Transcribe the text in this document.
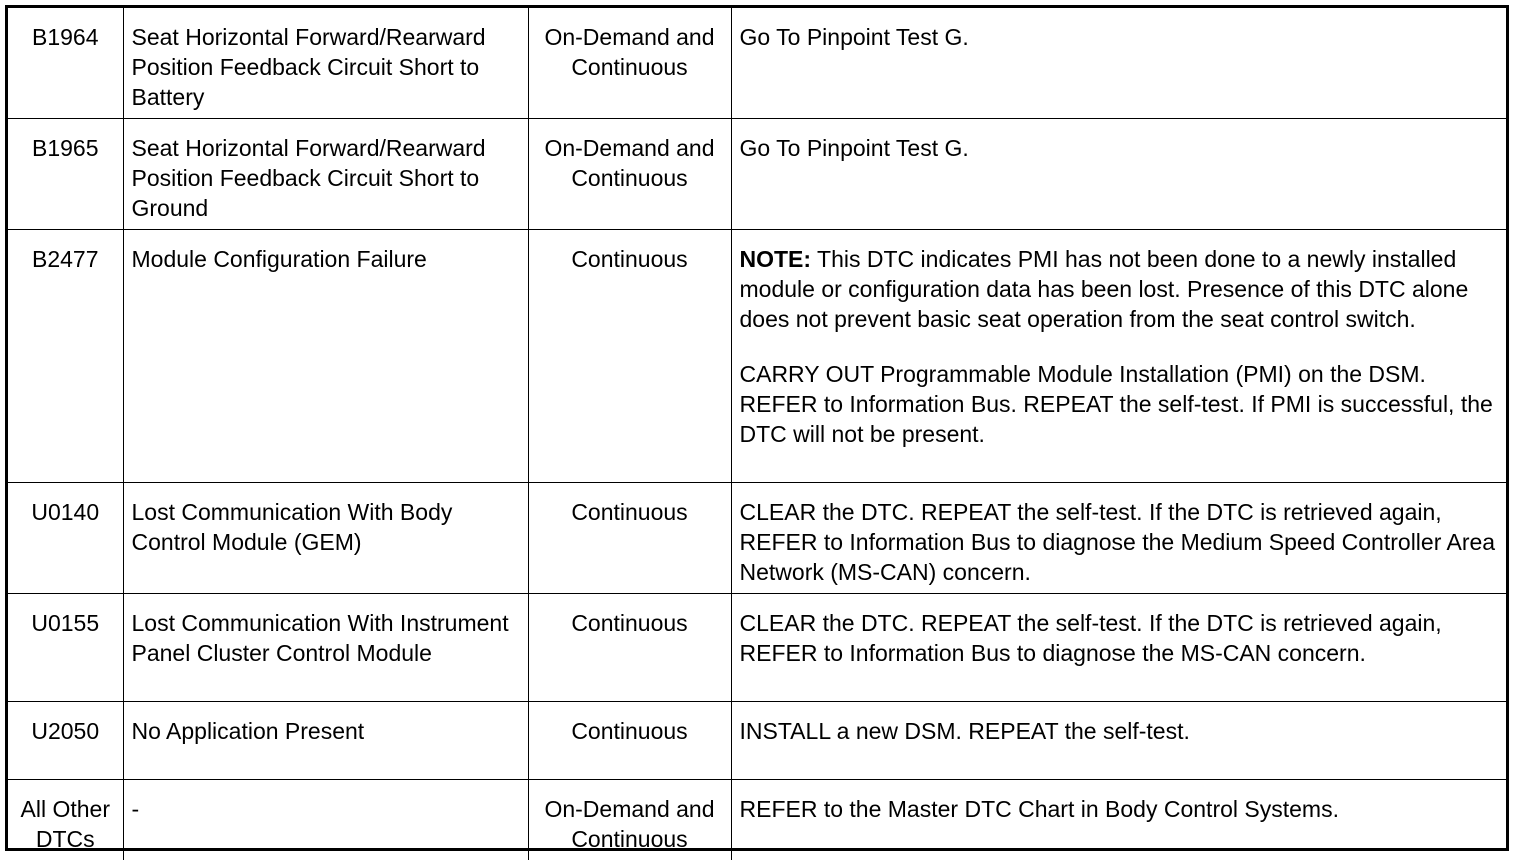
B1964	Seat Horizontal Forward/Rearward Position Feedback Circuit Short to Battery	On-Demand and Continuous	Go To Pinpoint Test G.
B1965	Seat Horizontal Forward/Rearward Position Feedback Circuit Short to Ground	On-Demand and Continuous	Go To Pinpoint Test G.
B2477	Module Configuration Failure	Continuous	NOTE: This DTC indicates PMI has not been done to a newly installed module or configuration data has been lost. Presence of this DTC alone does not prevent basic seat operation from the seat control switch.
CARRY OUT Programmable Module Installation (PMI) on the DSM. REFER to Information Bus. REPEAT the self-test. If PMI is successful, the DTC will not be present.

U0140	Lost Communication With Body Control Module (GEM)	Continuous	CLEAR the DTC. REPEAT the self-test. If the DTC is retrieved again, REFER to Information Bus to diagnose the Medium Speed Controller Area Network (MS-CAN) concern.
U0155	Lost Communication With Instrument Panel Cluster Control Module	Continuous	CLEAR the DTC. REPEAT the self-test. If the DTC is retrieved again, REFER to Information Bus to diagnose the MS-CAN concern.
U2050	No Application Present	Continuous	INSTALL a new DSM. REPEAT the self-test.
All Other DTCs	-	On-Demand and Continuous	REFER to the Master DTC Chart in Body Control Systems.
